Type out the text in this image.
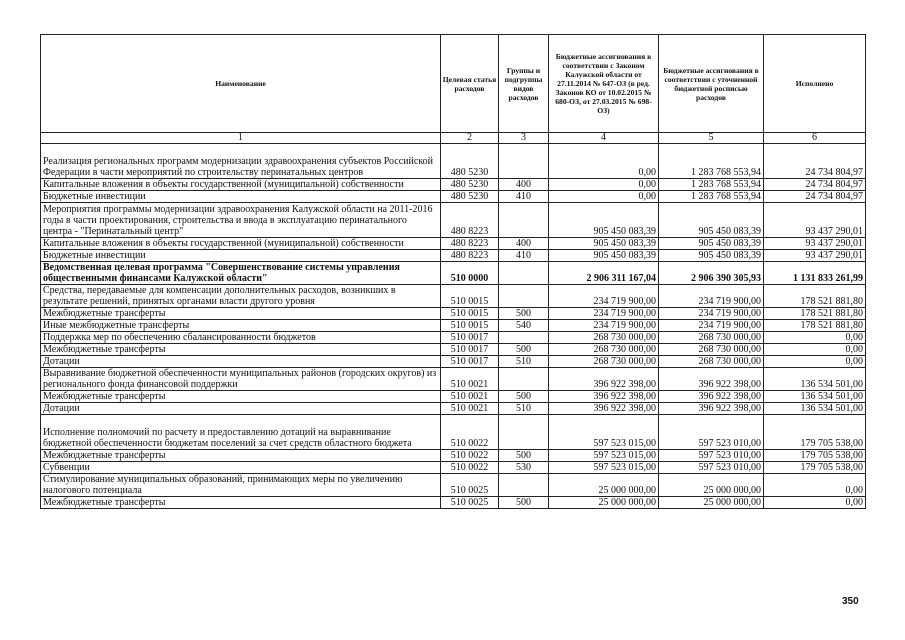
Наименование	Целевая статья расходов	Группы и подгруппы видов расходов	Бюджетные ассигнования в соответствии с Законом Калужской области от 27.11.2014 № 647-ОЗ (в ред. Законов КО от 10.02.2015 № 680-ОЗ, от 27.03.2015 № 698-ОЗ)	Бюджетные ассигнования в соответствии с уточненной бюджетной росписью расходов	Исполнено
1	2	3	4	5	6
Реализация региональных программ модернизации здравоохранения субъектов Российской Федерации в части мероприятий по строительству перинатальных центров	480 5230		0,00	1 283 768 553,94	24 734 804,97
Капитальные вложения в объекты государственной (муниципальной) собственности	480 5230	400	0,00	1 283 768 553,94	24 734 804,97
Бюджетные инвестиции	480 5230	410	0,00	1 283 768 553,94	24 734 804,97
Мероприятия программы модернизации здравоохранения Калужской области на 2011-2016 годы в части проектирования, строительства и ввода в эксплуатацию перинатального центра - "Перинатальный центр"	480 8223		905 450 083,39	905 450 083,39	93 437 290,01
Капитальные вложения в объекты государственной (муниципальной) собственности	480 8223	400	905 450 083,39	905 450 083,39	93 437 290,01
Бюджетные инвестиции	480 8223	410	905 450 083,39	905 450 083,39	93 437 290,01
Ведомственная целевая программа "Совершенствование системы управления общественными финансами Калужской области"	510 0000		2 906 311 167,04	2 906 390 305,93	1 131 833 261,99
Средства, передаваемые для компенсации дополнительных расходов, возникших в результате решений, принятых органами власти другого уровня	510 0015		234 719 900,00	234 719 900,00	178 521 881,80
Межбюджетные трансферты	510 0015	500	234 719 900,00	234 719 900,00	178 521 881,80
Иные межбюджетные трансферты	510 0015	540	234 719 900,00	234 719 900,00	178 521 881,80
Поддержка мер по обеспечению сбалансированности бюджетов	510 0017		268 730 000,00	268 730 000,00	0,00
Межбюджетные трансферты	510 0017	500	268 730 000,00	268 730 000,00	0,00
Дотации	510 0017	510	268 730 000,00	268 730 000,00	0,00
Выравнивание бюджетной обеспеченности муниципальных районов (городских округов) из регионального фонда финансовой поддержки	510 0021		396 922 398,00	396 922 398,00	136 534 501,00
Межбюджетные трансферты	510 0021	500	396 922 398,00	396 922 398,00	136 534 501,00
Дотации	510 0021	510	396 922 398,00	396 922 398,00	136 534 501,00
Исполнение полномочий по расчету и предоставлению дотаций на выравнивание бюджетной обеспеченности бюджетам поселений за счет средств областного бюджета	510 0022		597 523 015,00	597 523 010,00	179 705 538,00
Межбюджетные трансферты	510 0022	500	597 523 015,00	597 523 010,00	179 705 538,00
Субвенции	510 0022	530	597 523 015,00	597 523 010,00	179 705 538,00
Стимулирование муниципальных образований, принимающих меры по увеличению налогового потенциала	510 0025		25 000 000,00	25 000 000,00	0,00
Межбюджетные трансферты	510 0025	500	25 000 000,00	25 000 000,00	0,00
350
